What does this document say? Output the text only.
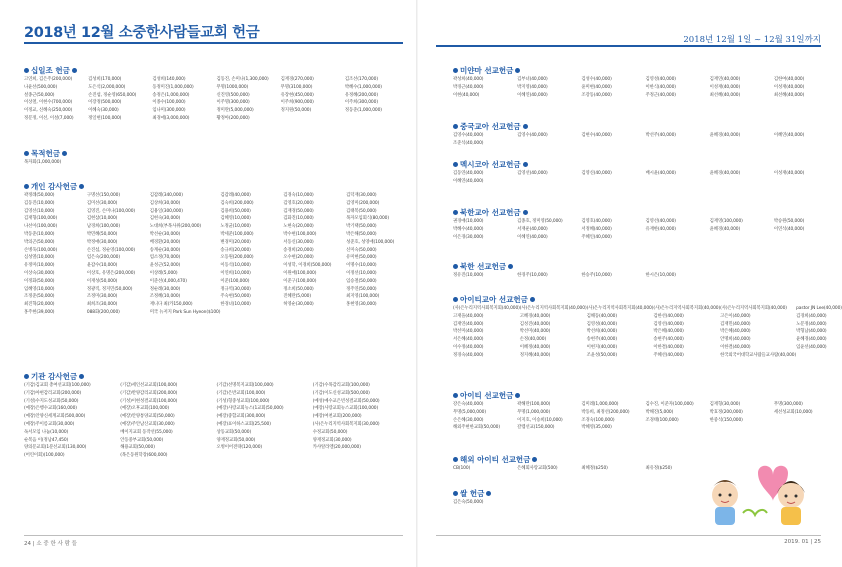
2018년 12월 소중한사람들교회 헌금
십일조 헌금
고연희, 김은주(200,000)	김성희(170,000)	김성희(140,000)	김동진, 손미나(1,300,000)	김재경(270,000)	김조선(170,000)
나윤선(500,000)	도은석(2,000,000)	동정미진(1,000,000)	무명(1000,000)	무명(3100,000)	박혜수(1,000,000)
설종근(50,000)	손진섭, 정순영(650,000)	송정은(1,000,000)	신진영(500,000)	유장현(450,000)	유정혜(200,000)
이상철, 이현수(700,000)	이장정(500,000)	이종수(100,000)	이주명(300,000)	이주희(900,000)	이주희(300,000)
이정교, 신혜숙(250,000)	이혜숙(30,000)	임나미(300,000)	정미란(5,000,000)	정지원(50,000)	정동준(1,000,000)
정문정, 이선, 이설(7,000)	정일현(100,000)	최경애(3,000,000)	황정아(200,000)
목적헌금
목자회(1,000,000)
개인 감사헌금
곽정례(50,000)	구명선(150,000)	김갑례(340,000)	김갑례(40,000)	김경숙(10,000)	김덕재(30,000)
김동진(10,000)	김미선(30,000)	김상희(30,000)	김숙희(200,000)	김영호(20,000)	김영미(200,000)
김영선(10,000)	김영진, 손미나(100,000)	김용일(300,000)	김용희(50,000)	김재경(50,000)	김태복(50,000)
김재형(100,000)	김현삼(10,000)	김현숙(30,000)	김혜영(10,000)	김화진(10,000)	목자모임회식(80,000)
나선이(100,000)	남경희(100,000)	노대희(부목사위(200,000)	노정균(10,000)	노현숙(20,000)	박기택(50,000)
박동준(10,000)	박민혜(50,000)	박선순(30,000)	박세준(100,000)	박수현(100,000)	박은해(50,000)
박의곤(50,000)	박정애(30,000)	배경환(20,000)	변경미(20,000)	서동신(30,000)	성준호, 성영애(100,000)
손병욱(100,000)	손진섭, 정순영(100,000)	송계순(30,000)	송규희(20,000)	송경희(20,000)	신미숙(50,000)
심성열(10,000)	엄은숙(200,000)	염소정(70,000)	오동원(200,000)	오수현(20,000)	유미현(50,000)
유정미(10,000)	윤갑수(10,000)	윤성근(52,000)	이동석(10,000)	이성학, 이경희(500,000)	이명수(10,000)
이상숙(30,000)	이상호, 유명은(200,000)	이상례(5,000)	이연희(10,000)	이원애(100,000)	이정선(10,000)
이정화(50,000)	이재성(50,000)	이준선(4,000,470)	이준(100,000)	이준구(100,000)	임승철(50,000)
임혜영(10,000)	정광직, 정지민(50,000)	정순례(30,000)	정규역(30,000)	정소희(50,000)	정주연(50,000)
조정준(50,000)	조정미(30,000)	조정혜(10,000)	주숙현(50,000)	진혜란(5,000)	최지영(100,000)
최진혁(20,000)	최희조(30,000)	재니다 최(카150,000)	한경녀(10,000)	허영순(30,000)	홍현영(30,000)
홍주현(39,000)	088화(200,000)	미국 뉴저지 Park Sun Hyeon($100)
기관 감사헌금
(기감)김교회 총여선교회(100,000)	(기감)세인선교교회(100,000)	(기감)선명복지교회(100,000)	(기감)수목감리교회(100,000)
(기감)아현감리교회(200,000)	(기감)반양감리교회(200,000)	(기감)은반교회(100,000)	(기감)이도신성교회(500,000)
(기성)수지도성교회(50,000)	(기성)이현성결교회(100,000)	(기성)형중성교회(100,000)	(예성)예수교은빈성결교회(50,000)
(예장)은행수교회(160,000)	(예장)오후교회(100,000)	(예장)사랑교회뉴스(1교회(50,000)	(예장)사랑교회뉴스교회(100,000)
(예장)안양신세계교회(500,000)	(예장)안양통양교회(50,000)	(예장)중합교회(300,000)	(예장)여천교회(200,000)
(예장)주이름교회(30,000)	(예장)주안남산교회(30,000)	(예장)표이하스교회(25,500)	(사)은누리지역사회복지회(30,000)
독서모임 나눔(10,000)	베이지교회 동작선(55,000)	상동교회(50,000)	수정교회(50,000)
순복음 이(정남47,450)	안동중부교회(50,000)	양재정교회(50,000)	양재정교회(30,000)
양의문교회(1분선교회(130,000)	해용교회(50,000)	오병이어전략(120,000)	카샤알라엘(20,000,000)
(어린이회)(100,000)	(목은동원학장(600,000)
24 | 소 중 한 사 람 들
2018년 12월 1일 ~ 12월 31일까지
미얀마 선교헌금
곽성희(40,000)	김부녀(40,000)	김성수(40,000)	김영성(40,000)	김재연(40,000)	김한여(40,000)
박경근(40,000)	박지영(40,000)	윤미현(40,000)	이한식(40,000)	이성재(40,000)	이성재(40,000)
이현(40,000)	이혜연(40,000)	조강동(40,000)	주정근(40,000)	최선혜(40,000)	최선혜(40,000)
중국교아 선교헌금
김영수(40,000)	김영수(40,000)	김현수(40,000)	박선주(40,000)	윤혜경(40,000)	이혜연(40,000)
조준석(40,000)
멕시코아 선교헌금
김동연(40,000)	김영선(40,000)	김영신(40,000)	배시윤(40,000)	윤혜경(40,000)	이성재(40,000)
이혜연(40,000)
북한교아 선교헌금
권경애(10,000)	김종호, 정미영(50,000)	김영호(40,000)	김영선(40,000)	김재영(100,000)	박승원(50,000)
박혜수(40,000)	서재운(40,000)	서정혜(40,000)	유재한(40,000)	윤혜경(40,000)	이연석(40,000)
이은경(30,000)	이혜연(40,000)	주혜인(40,000)
북한 선교헌금
정유진(10,000)	한경주(10,000)	한승주(10,000)	한시은(10,000)
아이티교아 선교헌금
(사)은누리지역사회복지회(40,000) (사)은누리지역사회복지회(40,000) (사)은누리지역사회복지회(40,000) (사)은누리지역사회복지회(40,000) (사)은누리지역사회복지회(40,000)	pastor JN Lee(40,000)
고재을(40,000)	고혜경(40,000)	김해동(40,000)	김한선(40,000)	고은이(40,000)	김경희(40,000)
김재연(40,000)	김성진(40,000)	김영성(40,000)	김영선(40,000)	김재민(40,000)	노문정(40,000)
박선미(40,000)	박선미(40,000)	박선희(40,000)	박은혜(40,000)	박은혜(40,000)	박형남(40,000)
서은혜(40,000)	손정(40,000)	송현주(40,000)	송현주(40,000)	안명희(40,000)	윤혜경(40,000)
이수정(40,000)	이혜정(40,000)	이현지(40,000)	이한결(40,000)	이한결(40,000)	임윤선(40,000)
정경숙(40,000)	정지혜(40,000)	조윤성(50,000)	주혜선(40,000)	한국외국어대학교사람들교사람(40,000)
아이티 선교헌금
강은숙(40,000)	곽해란(100,000)	김미례(1,000,000)	김수진, 이준자(100,000)	김재형(30,000)	무명(300,000)
무명(5,000,000)	무명(1,000,000)	박동희, 최정선(200,000)	박해진(5,000)	박효정(200,000)	세선성교회(10,000)
손은혜(30,000)	이지호, 이승희(10,000)	조경숙(100,000)	조경태(100,000)	한중석(150,000)
해외주현한교회(50,000)	갈렙선교(150,000)	박혜영(35,000)
해외 아이티 선교헌금
CB(100)	은혜회사랑교회(500)	최혜정($250)	최유정($250)
쌀 헌금
김은숙(50,000)
2019. 01 | 25
